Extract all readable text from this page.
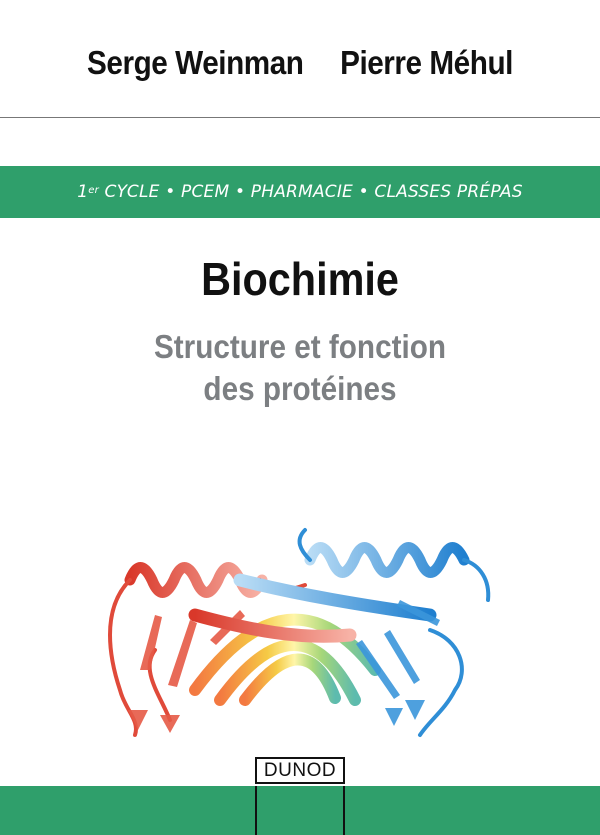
Serge Weinman Pierre Méhul
1er CYCLE • PCEM • PHARMACIE • CLASSES PRÉPAS
Biochimie
Structure et fonction
des protéines
DUNOD
